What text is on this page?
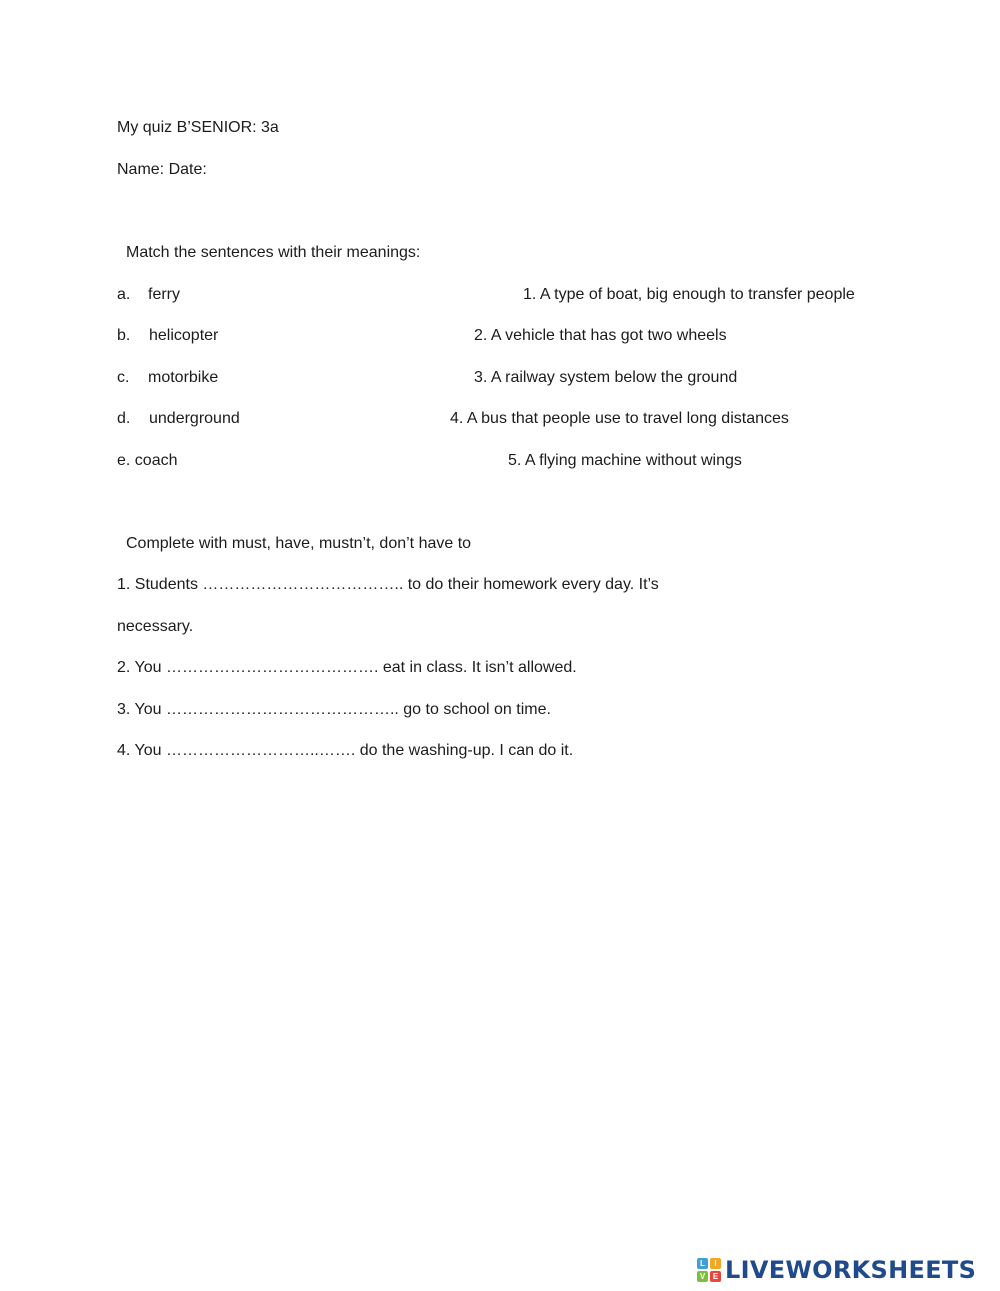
My quiz B’SENIOR: 3a
Name: Date:
Match the sentences with their meanings:
a. ferry
b. helicopter
c. motorbike
d. underground
e. coach
1. A type of boat, big enough to transfer people
2. A vehicle that has got two wheels
3. A railway system below the ground
4. A bus that people use to travel long distances
5. A flying machine without wings
Complete with must, have, mustn’t, don’t have to
1. Students ……………………………….. to do their homework every day. It’s
necessary.
2. You …………………………………. eat in class. It isn’t allowed.
3. You …………………………………….. go to school on time.
4. You ………………………..……. do the washing-up. I can do it.
L	I
V E LIVEWORKSHEETS
